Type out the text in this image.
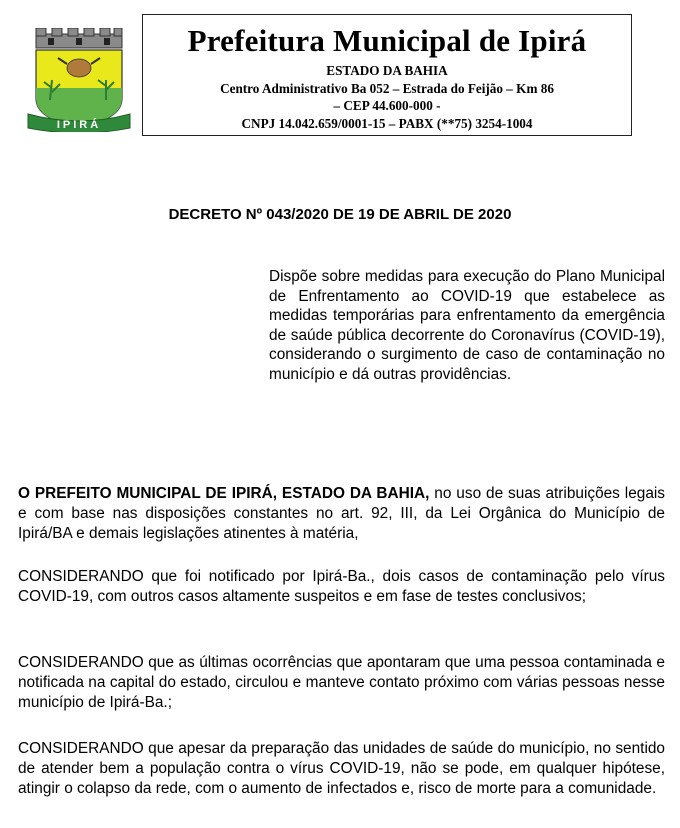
IPIRÁ
Prefeitura Municipal de Ipirá
ESTADO DA BAHIA
Centro Administrativo Ba 052 – Estrada do Feijão – Km 86
– CEP 44.600-000 -
CNPJ 14.042.659/0001-15 – PABX (**75) 3254-1004
DECRETO Nº 043/2020 DE 19 DE ABRIL DE 2020
Dispõe sobre medidas para execução do Plano Municipal de Enfrentamento ao COVID-19 que estabelece as medidas temporárias para enfrentamento da emergência de saúde pública decorrente do Coronavírus (COVID-19), considerando o surgimento de caso de contaminação no município e dá outras providências.
O PREFEITO MUNICIPAL DE IPIRÁ, ESTADO DA BAHIA, no uso de suas atribuições legais e com base nas disposições constantes no art. 92, III, da Lei Orgânica do Município de Ipirá/BA e demais legislações atinentes à matéria,
CONSIDERANDO que foi notificado por Ipirá-Ba., dois casos de contaminação pelo vírus COVID-19, com outros casos altamente suspeitos e em fase de testes conclusivos;
CONSIDERANDO que as últimas ocorrências que apontaram que uma pessoa contaminada e notificada na capital do estado, circulou e manteve contato próximo com várias pessoas nesse município de Ipirá-Ba.;
CONSIDERANDO que apesar da preparação das unidades de saúde do município, no sentido de atender bem a população contra o vírus COVID-19, não se pode, em qualquer hipótese, atingir o colapso da rede, com o aumento de infectados e, risco de morte para a comunidade.
